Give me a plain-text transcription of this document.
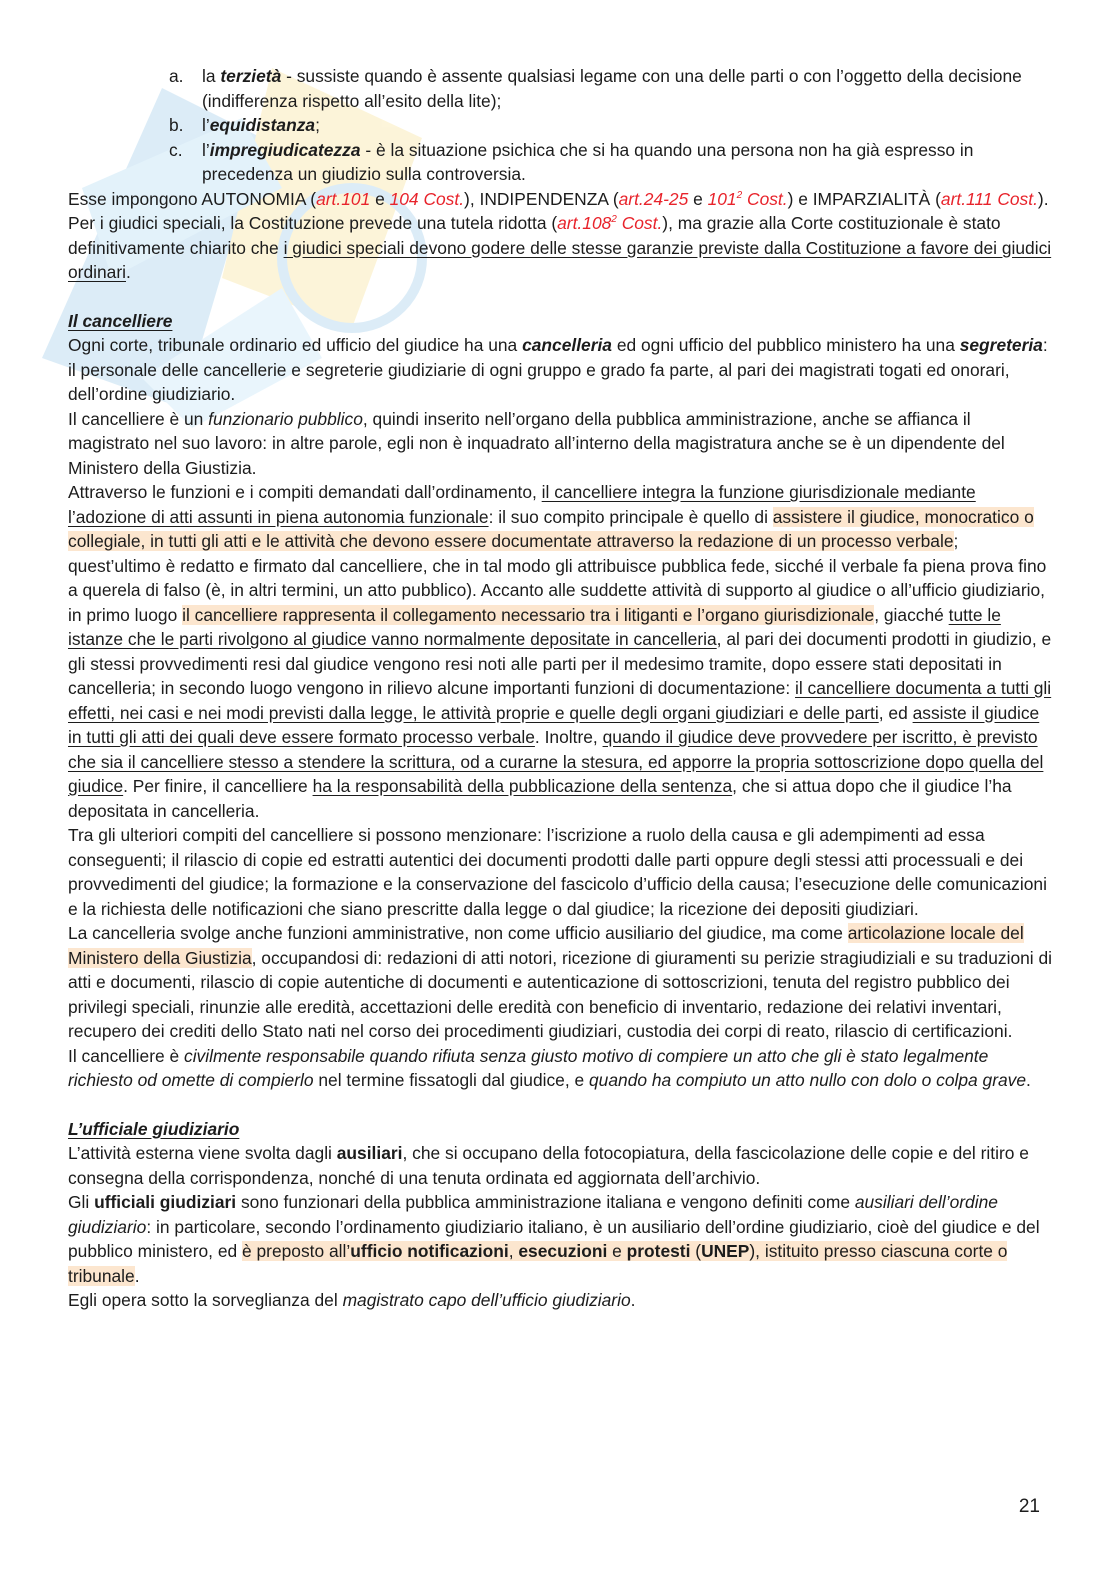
a. la terzietà - sussiste quando è assente qualsiasi legame con una delle parti o con l’oggetto della decisione (indifferenza rispetto all’esito della lite);
b. l’equidistanza;
c. l’impregiudicatezza - è la situazione psichica che si ha quando una persona non ha già espresso in precedenza un giudizio sulla controversia.

Esse impongono AUTONOMIA (art.101 e 104 Cost.), INDIPENDENZA (art.24-25 e $101^2$ Cost.) e IMPARZIALITÀ (art.111 Cost.).

Per i giudici speciali, la Costituzione prevede una tutela ridotta (art.108$^2$ Cost.), ma grazie alla Corte costituzionale è stato definitivamente chiarito che i giudici speciali devono godere delle stesse garanzie previste dalla Costituzione a favore dei giudici ordinari.

Il cancelliere

Ogni corte, tribunale ordinario ed ufficio del giudice ha una cancelleria ed ogni ufficio del pubblico ministero ha una segreteria: il personale delle cancellerie e segreterie giudiziarie di ogni gruppo e grado fa parte, al pari dei magistrati togati ed onorari, dell’ordine giudiziario.

Il cancelliere è un funzionario pubblico, quindi inserito nell’organo della pubblica amministrazione, anche se affianca il magistrato nel suo lavoro: in altre parole, egli non è inquadrato all’interno della magistratura anche se è un dipendente del Ministero della Giustizia.

Attraverso le funzioni e i compiti demandati dall’ordinamento, il cancelliere integra la funzione giurisdizionale mediante l’adozione di atti assunti in piena autonomia funzionale: il suo compito principale è quello di assistere il giudice, monocratico o collegiale, in tutti gli atti e le attività che devono essere documentate attraverso la redazione di un processo verbale; quest’ultimo è redatto e firmato dal cancelliere, che in tal modo gli attribuisce pubblica fede, sicché il verbale fa piena prova fino a querela di falso (è, in altri termini, un atto pubblico). Accanto alle suddette attività di supporto al giudice o all’ufficio giudiziario, in primo luogo il cancelliere rappresenta il collegamento necessario tra i litiganti e l’organo giurisdizionale, giacché tutte le istanze che le parti rivolgono al giudice vanno normalmente depositate in cancelleria, al pari dei documenti prodotti in giudizio, e gli stessi provvedimenti resi dal giudice vengono resi noti alle parti per il medesimo tramite, dopo essere stati depositati in cancelleria; in secondo luogo vengono in rilievo alcune importanti funzioni di documentazione: il cancelliere documenta a tutti gli effetti, nei casi e nei modi previsti dalla legge, le attività proprie e quelle degli organi giudiziari e delle parti, ed assiste il giudice in tutti gli atti dei quali deve essere formato processo verbale. Inoltre, quando il giudice deve provvedere per iscritto, è previsto che sia il cancelliere stesso a stendere la scrittura, od a curarne la stesura, ed apporre la propria sottoscrizione dopo quella del giudice. Per finire, il cancelliere ha la responsabilità della pubblicazione della sentenza, che si attua dopo che il giudice l’ha depositata in cancelleria.

Tra gli ulteriori compiti del cancelliere si possono menzionare: l’iscrizione a ruolo della causa e gli adempimenti ad essa conseguenti; il rilascio di copie ed estratti autentici dei documenti prodotti dalle parti oppure degli stessi atti processuali e dei provvedimenti del giudice; la formazione e la conservazione del fascicolo d’ufficio della causa; l’esecuzione delle comunicazioni e la richiesta delle notificazioni che siano prescritte dalla legge o dal giudice; la ricezione dei depositi giudiziari.

La cancelleria svolge anche funzioni amministrative, non come ufficio ausiliario del giudice, ma come articolazione locale del Ministero della Giustizia, occupandosi di: redazioni di atti notori, ricezione di giuramenti su perizie stragiudiziali e su traduzioni di atti e documenti, rilascio di copie autentiche di documenti e autenticazione di sottoscrizioni, tenuta del registro pubblico dei privilegi speciali, rinunzie alle eredità, accettazioni delle eredità con beneficio di inventario, redazione dei relativi inventari, recupero dei crediti dello Stato nati nel corso dei procedimenti giudiziari, custodia dei corpi di reato, rilascio di certificazioni.

Il cancelliere è civilmente responsabile quando rifiuta senza giusto motivo di compiere un atto che gli è stato legalmente richiesto od omette di compierlo nel termine fissatogli dal giudice, e quando ha compiuto un atto nullo con dolo o colpa grave.

L’ufficiale giudiziario

L’attività esterna viene svolta dagli ausiliari, che si occupano della fotocopiatura, della fascicolazione delle copie e del ritiro e consegna della corrispondenza, nonché di una tenuta ordinata ed aggiornata dell’archivio.

Gli ufficiali giudiziari sono funzionari della pubblica amministrazione italiana e vengono definiti come ausiliari dell’ordine giudiziario: in particolare, secondo l’ordinamento giudiziario italiano, è un ausiliario dell’ordine giudiziario, cioè del giudice e del pubblico ministero, ed è preposto all’ufficio notificazioni, esecuzioni e protesti (UNEP), istituito presso ciascuna corte o tribunale.

Egli opera sotto la sorveglianza del magistrato capo dell’ufficio giudiziario.

21
